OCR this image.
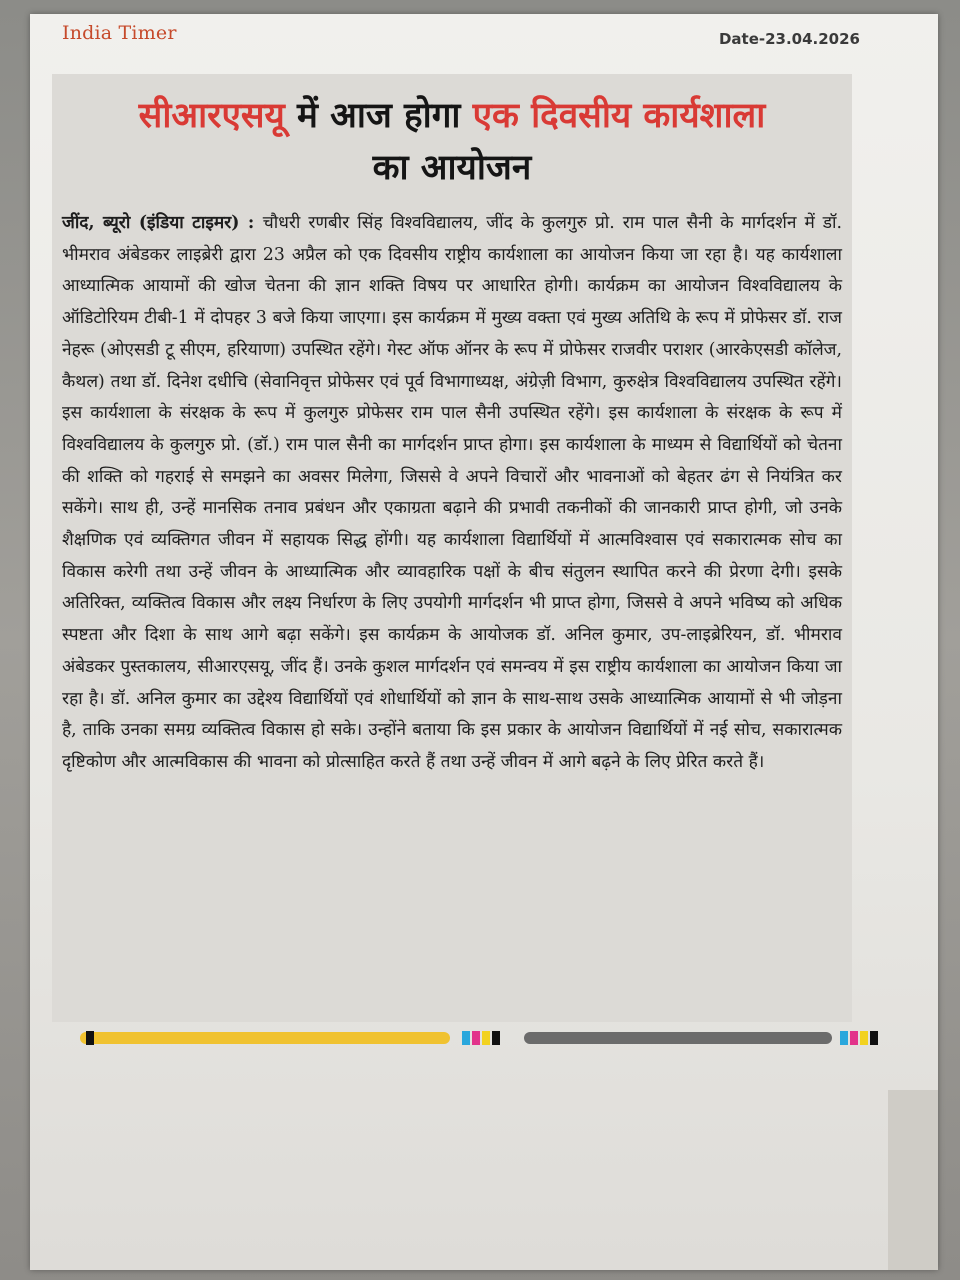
India Timer	Date-23.04.2026
सीआरएसयू में आज होगा एक दिवसीय कार्यशाला
का आयोजन
जींद, ब्यूरो (इंडिया टाइमर) : चौधरी रणबीर सिंह विश्वविद्यालय, जींद के कुलगुरु प्रो. राम पाल सैनी के मार्गदर्शन में डॉ. भीमराव अंबेडकर लाइब्रेरी द्वारा 23 अप्रैल को एक दिवसीय राष्ट्रीय कार्यशाला का आयोजन किया जा रहा है। यह कार्यशाला आध्यात्मिक आयामों की खोज चेतना की ज्ञान शक्ति विषय पर आधारित होगी। कार्यक्रम का आयोजन विश्वविद्यालय के ऑडिटोरियम टीबी-1 में दोपहर 3 बजे किया जाएगा। इस कार्यक्रम में मुख्य वक्ता एवं मुख्य अतिथि के रूप में प्रोफेसर डॉ. राज नेहरू (ओएसडी टू सीएम, हरियाणा) उपस्थित रहेंगे। गेस्ट ऑफ ऑनर के रूप में प्रोफेसर राजवीर पराशर (आरकेएसडी कॉलेज, कैथल) तथा डॉ. दिनेश दधीचि (सेवानिवृत्त प्रोफेसर एवं पूर्व विभागाध्यक्ष, अंग्रेज़ी विभाग, कुरुक्षेत्र विश्वविद्यालय उपस्थित रहेंगे। इस कार्यशाला के संरक्षक के रूप में कुलगुरु प्रोफेसर राम पाल सैनी उपस्थित रहेंगे। इस कार्यशाला के संरक्षक के रूप में विश्वविद्यालय के कुलगुरु प्रो. (डॉ.) राम पाल सैनी का मार्गदर्शन प्राप्त होगा। इस कार्यशाला के माध्यम से विद्यार्थियों को चेतना की शक्ति को गहराई से समझने का अवसर मिलेगा, जिससे वे अपने विचारों और भावनाओं को बेहतर ढंग से नियंत्रित कर सकेंगे। साथ ही, उन्हें मानसिक तनाव प्रबंधन और एकाग्रता बढ़ाने की प्रभावी तकनीकों की जानकारी प्राप्त होगी, जो उनके शैक्षणिक एवं व्यक्तिगत जीवन में सहायक सिद्ध होंगी। यह कार्यशाला विद्यार्थियों में आत्मविश्वास एवं सकारात्मक सोच का विकास करेगी तथा उन्हें जीवन के आध्यात्मिक और व्यावहारिक पक्षों के बीच संतुलन स्थापित करने की प्रेरणा देगी। इसके अतिरिक्त, व्यक्तित्व विकास और लक्ष्य निर्धारण के लिए उपयोगी मार्गदर्शन भी प्राप्त होगा, जिससे वे अपने भविष्य को अधिक स्पष्टता और दिशा के साथ आगे बढ़ा सकेंगे। इस कार्यक्रम के आयोजक डॉ. अनिल कुमार, उप-लाइब्रेरियन, डॉ. भीमराव अंबेडकर पुस्तकालय, सीआरएसयू, जींद हैं। उनके कुशल मार्गदर्शन एवं समन्वय में इस राष्ट्रीय कार्यशाला का आयोजन किया जा रहा है। डॉ. अनिल कुमार का उद्देश्य विद्यार्थियों एवं शोधार्थियों को ज्ञान के साथ-साथ उसके आध्यात्मिक आयामों से भी जोड़ना है, ताकि उनका समग्र व्यक्तित्व विकास हो सके। उन्होंने बताया कि इस प्रकार के आयोजन विद्यार्थियों में नई सोच, सकारात्मक दृष्टिकोण और आत्मविकास की भावना को प्रोत्साहित करते हैं तथा उन्हें जीवन में आगे बढ़ने के लिए प्रेरित करते हैं।
